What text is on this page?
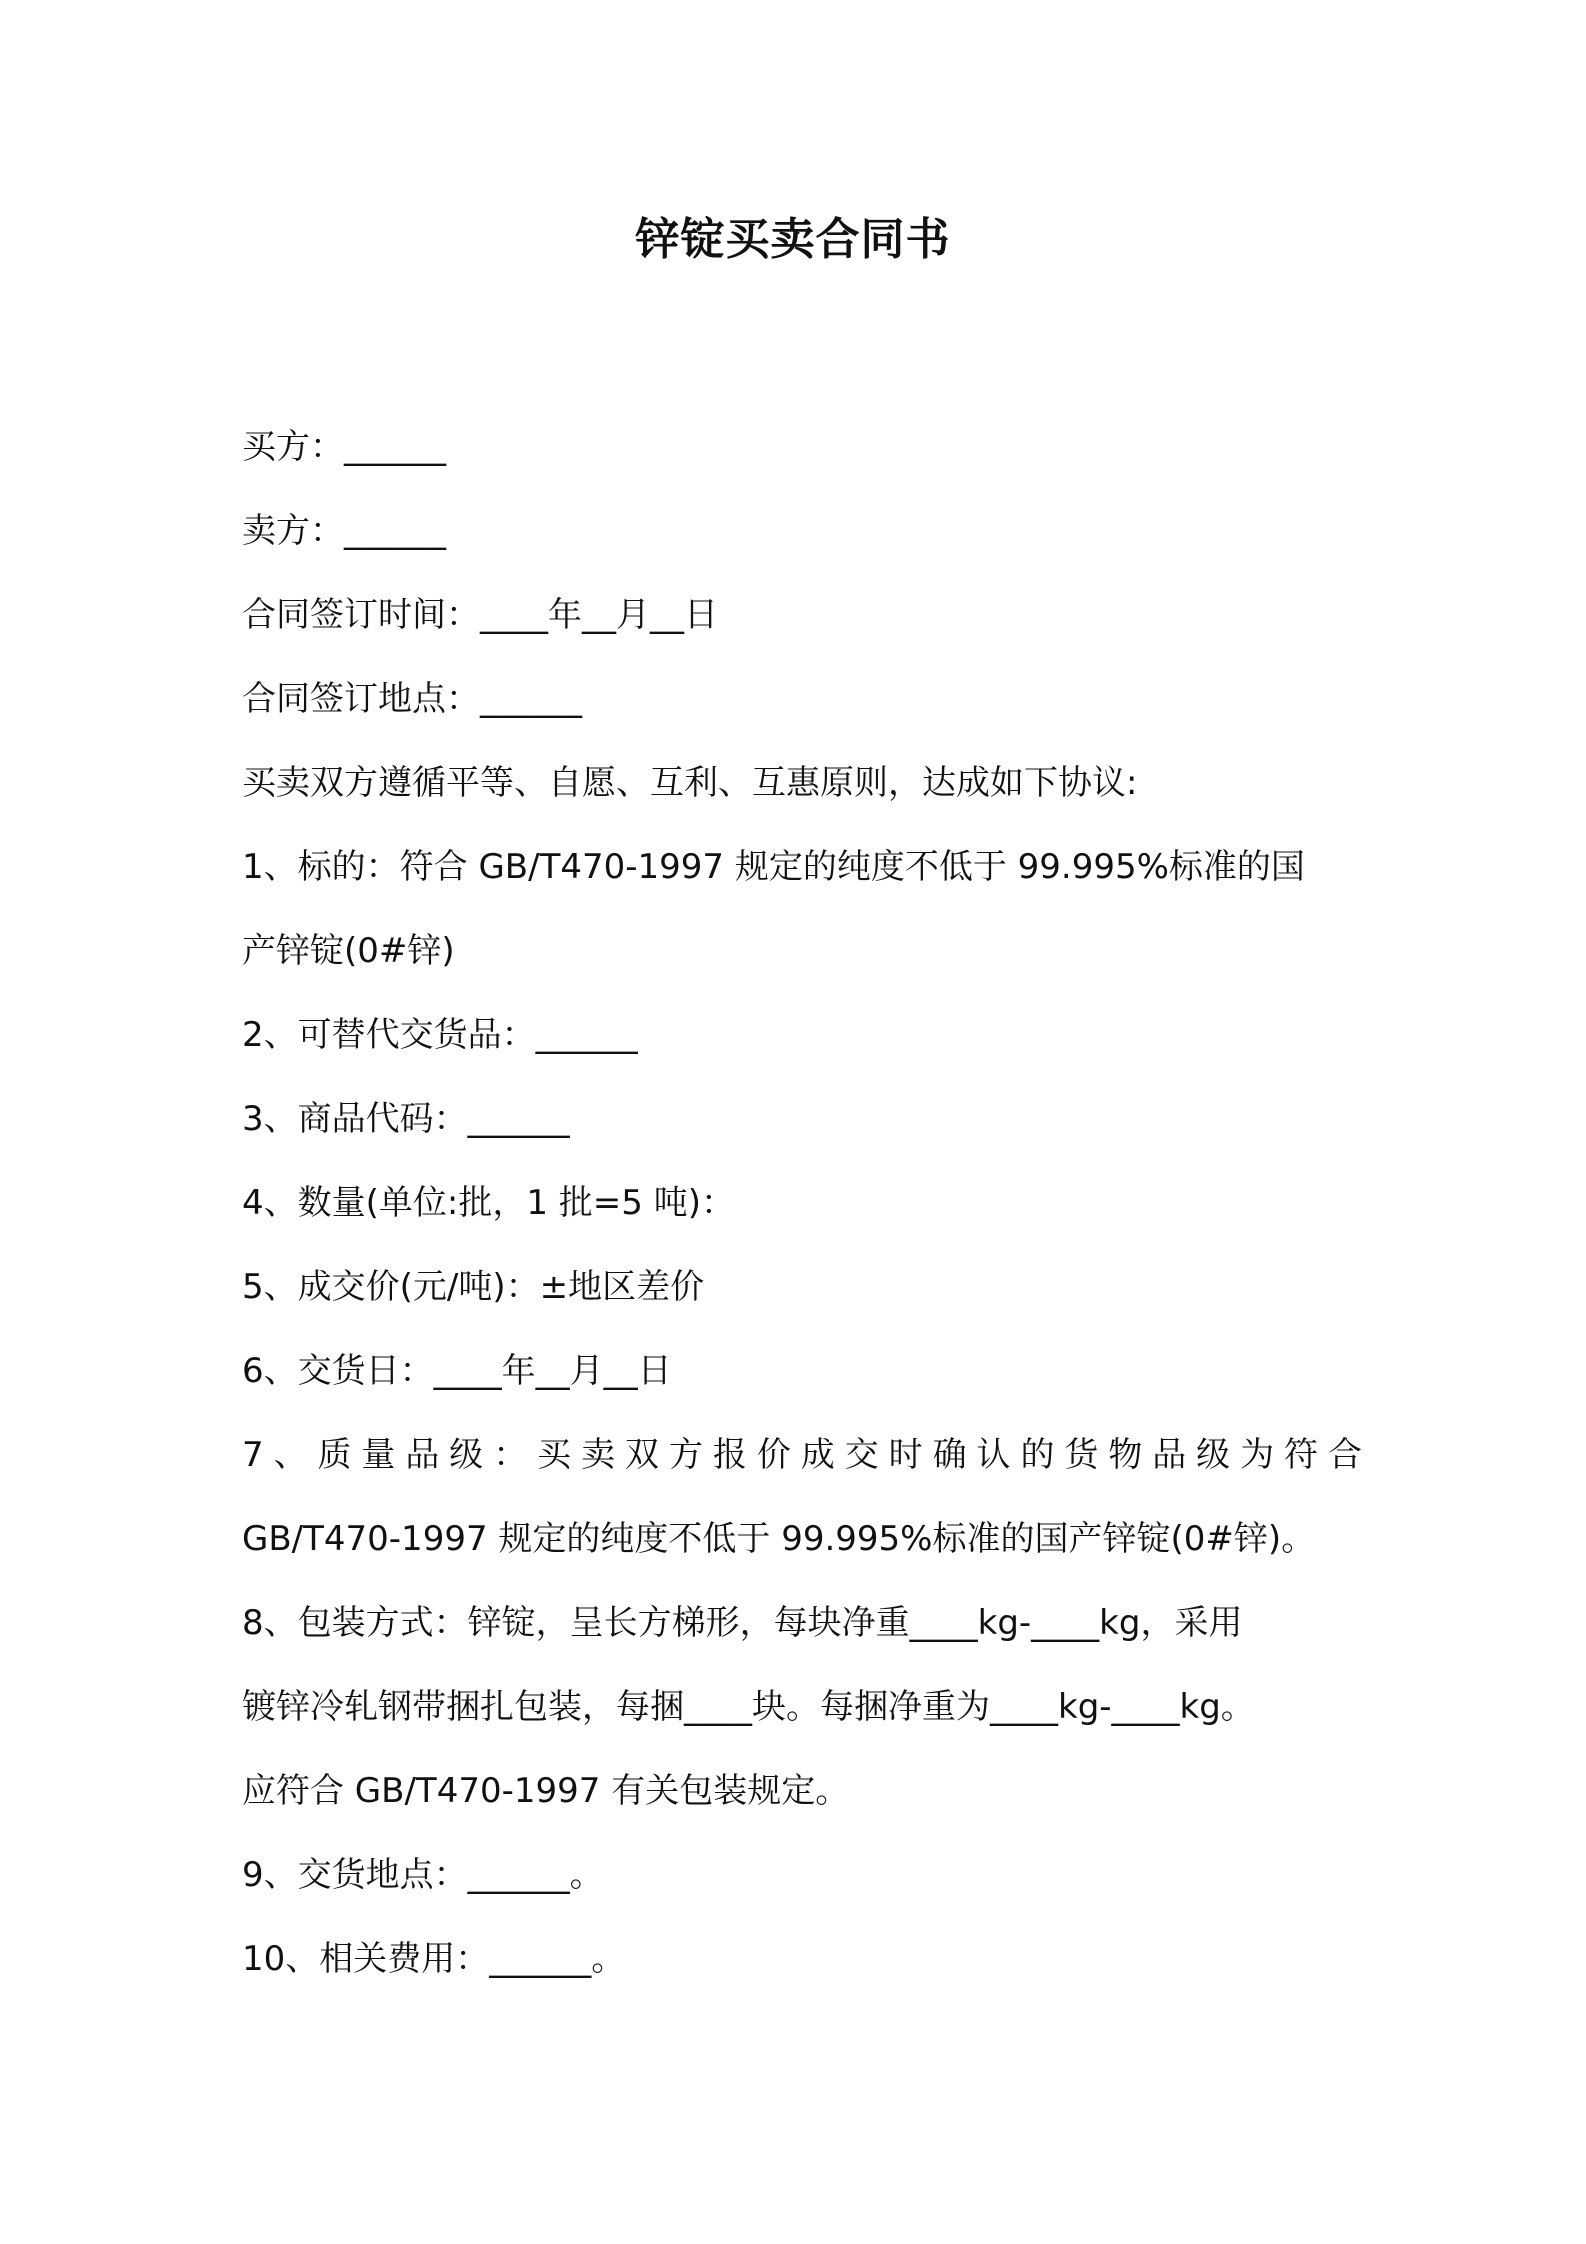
锌锭买卖合同书
买方：______
卖方：______
合同签订时间：____年__月__日
合同签订地点：______
买卖双方遵循平等、自愿、互利、互惠原则，达成如下协议:
1、标的：符合 GB/T470-1997 规定的纯度不低于 99.995%标准的国
产锌锭(0#锌)
2、可替代交货品：______
3、商品代码：______
4、数量(单位:批，1 批=5 吨)：
5、成交价(元/吨)：±地区差价
6、交货日：____年__月__日
7、质量品级：买卖双方报价成交时确认的货物品级为符合
GB/T470-1997 规定的纯度不低于 99.995%标准的国产锌锭(0#锌)。
8、包装方式：锌锭，呈长方梯形，每块净重____kg-____kg，采用
镀锌冷轧钢带捆扎包装，每捆____块。每捆净重为____kg-____kg。
应符合 GB/T470-1997 有关包装规定。
9、交货地点：______。
10、相关费用：______。
